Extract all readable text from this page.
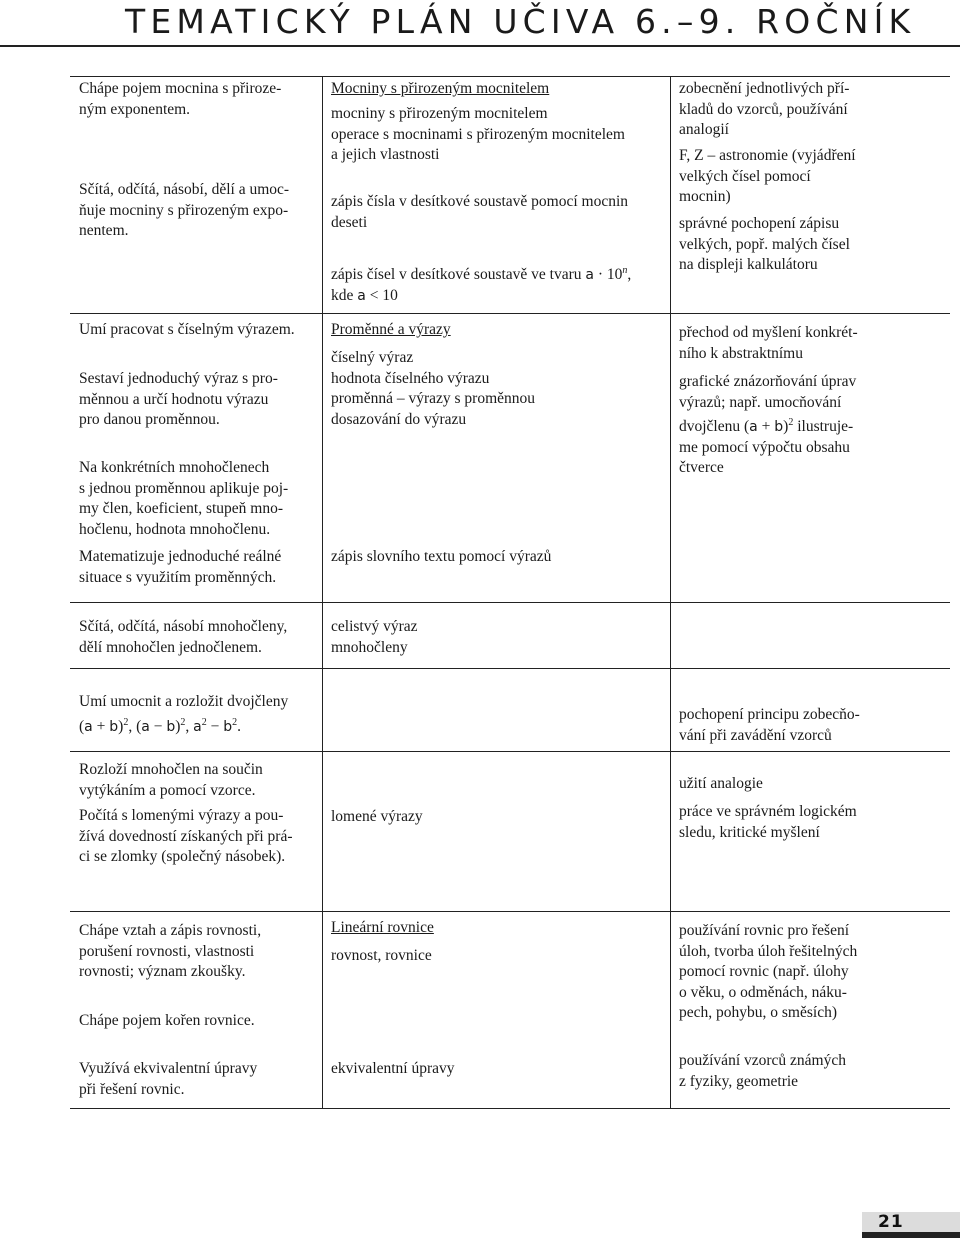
TEMATICKÝ PLÁN UČIVA 6.–9. ROČNÍK

Chápe pojem mocnina s přiroze-

ným exponentem.

Sčítá, odčítá, násobí, dělí a umoc-

ňuje mocniny s přirozeným expo-

nentem.

Mocniny s přirozeným mocnitelem

mocniny s přirozeným mocnitelem

operace s mocninami s přirozeným mocnitelem

a jejich vlastnosti

zápis čísla v desítkové soustavě pomocí mocnin

deseti

zápis čísel v desítkové soustavě ve tvaru $a \cdot 10^n$,

kde a < 10

zobecnění jednotlivých pří-

kladů do vzorců, používání

analogií

F, Z – astronomie (vyjádření

velkých čísel pomocí

mocnin)

správné pochopení zápisu

velkých, popř. malých čísel

na displeji kalkulátoru

Umí pracovat s číselným výrazem.

Sestaví jednoduchý výraz s pro-

měnnou a určí hodnotu výrazu

pro danou proměnnou.

Na konkrétních mnohočlenech

s jednou proměnnou aplikuje poj-

my člen, koeficient, stupeň mno-

hočlenu, hodnota mnohočlenu.

Matematizuje jednoduché reálné

situace s využitím proměnných.

Proměnné a výrazy

číselný výraz

hodnota číselného výrazu

proměnná – výrazy s proměnnou

dosazování do výrazu

zápis slovního textu pomocí výrazů

přechod od myšlení konkrét-

ního k abstraktnímu

grafické znázorňování úprav

výrazů; např. umocňování

dvojčlenu $(a + b)^2$ ilustruje-

me pomocí výpočtu obsahu

čtverce

Sčítá, odčítá, násobí mnohočleny,

dělí mnohočlen jednočlenem.

celistvý výraz

mnohočleny

Umí umocnit a rozložit dvojčleny

$(a + b)^2$, $(a - b)^2$, $a^2 - b^2$.

pochopení principu zobecňo-

vání při zavádění vzorců

Rozloží mnohočlen na součin

vytýkáním a pomocí vzorce.

Počítá s lomenými výrazy a pou-

žívá dovedností získaných při prá-

ci se zlomky (společný násobek).

lomené výrazy

užití analogie

práce ve správném logickém

sledu, kritické myšlení

Chápe vztah a zápis rovnosti,

porušení rovnosti, vlastnosti

rovnosti; význam zkoušky.

Chápe pojem kořen rovnice.

Využívá ekvivalentní úpravy

při řešení rovnic.

Lineární rovnice

rovnost, rovnice

ekvivalentní úpravy

používání rovnic pro řešení

úloh, tvorba úloh řešitelných

pomocí rovnic (např. úlohy

o věku, o odměnách, náku-

pech, pohybu, o směsích)

používání vzorců známých

z fyziky, geometrie

21
